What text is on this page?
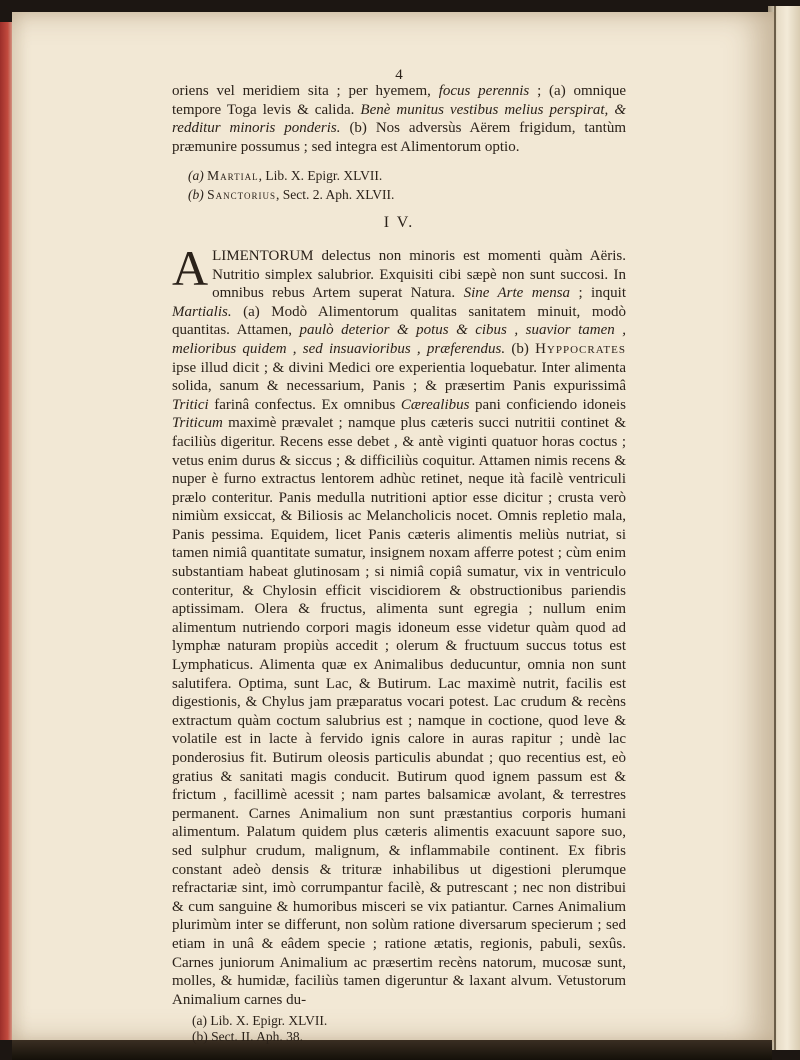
4

oriens vel meridiem sita ; per hyemem, focus perennis ; (a) omnique tempore Toga levis & calida. Benè munitus vestibus melius perspirat, & redditur minoris ponderis. (b) Nos adversùs Aërem frigidum, tantùm præmunire possumus ; sed integra est Alimentorum optio.

(a) Martial, Lib. X. Epigr. XLVII.
(b) Sanctorius, Sect. 2. Aph. XLVII.
I V.

ALIMENTORUM delectus non minoris est momenti quàm Aëris. Nutritio simplex salubrior. Exquisiti cibi sæpè non sunt succosi. In omnibus rebus Artem superat Natura. Sine Arte mensa ; inquit Martialis. (a) Modò Alimentorum qualitas sanitatem minuit, modò quantitas. Attamen, paulò deterior & potus & cibus , suavior tamen , melioribus quidem , sed insuavioribus , præferendus. (b) Hyppocrates ipse illud dicit ; & divini Medici ore experientia loquebatur. Inter alimenta solida, sanum & necessarium, Panis ; & præsertim Panis expurissimâ Tritici farinâ confectus. Ex omnibus Cærealibus pani conficiendo idoneis Triticum maximè prævalet ; namque plus cæteris succi nutritii continet & faciliùs digeritur. Recens esse debet , & antè viginti quatuor horas coctus ; vetus enim durus & siccus ; & difficiliùs coquitur. Attamen nimis recens & nuper è furno extractus lentorem adhùc retinet, neque ità facilè ventriculi prælo conteritur. Panis medulla nutritioni aptior esse dicitur ; crusta verò nimiùm exsiccat, & Biliosis ac Melancholicis nocet. Omnis repletio mala, Panis pessima. Equidem, licet Panis cæteris alimentis meliùs nutriat, si tamen nimiâ quantitate sumatur, insignem noxam afferre potest ; cùm enim substantiam habeat glutinosam ; si nimiâ copiâ sumatur, vix in ventriculo conteritur, & Chylosin efficit viscidiorem & obstructionibus pariendis aptissimam. Olera & fructus, alimenta sunt egregia ; nullum enim alimentum nutriendo corpori magis idoneum esse videtur quàm quod ad lymphæ naturam propiùs accedit ; olerum & fructuum succus totus est Lymphaticus. Alimenta quæ ex Animalibus deducuntur, omnia non sunt salutifera. Optima, sunt Lac, & Butirum. Lac maximè nutrit, facilis est digestionis, & Chylus jam præparatus vocari potest. Lac crudum & recèns extractum quàm coctum salubrius est ; namque in coctione, quod leve & volatile est in lacte à fervido ignis calore in auras rapitur ; undè lac ponderosius fit. Butirum oleosis particulis abundat ; quo recentius est, eò gratius & sanitati magis conducit. Butirum quod ignem passum est & frictum , facillimè acessit ; nam partes balsamicæ avolant, & terrestres permanent. Carnes Animalium non sunt præstantius corporis humani alimentum. Palatum quidem plus cæteris alimentis exacuunt sapore suo, sed sulphur crudum, malignum, & inflammabile continent. Ex fibris constant adeò densis & trituræ inhabilibus ut digestioni plerumque refractariæ sint, imò corrumpantur facilè, & putrescant ; nec non distribui & cum sanguine & humoribus misceri se vix patiantur. Carnes Animalium plurimùm inter se differunt, non solùm ratione diversarum specierum ; sed etiam in unâ & eâdem specie ; ratione ætatis, regionis, pabuli, sexûs. Carnes juniorum Animalium ac præsertim recèns natorum, mucosæ sunt, molles, & humidæ, faciliùs tamen digeruntur & laxant alvum. Vetustorum Animalium carnes du-

(a) Lib. X. Epigr. XLVII.
(b) Sect. II. Aph. 38.
